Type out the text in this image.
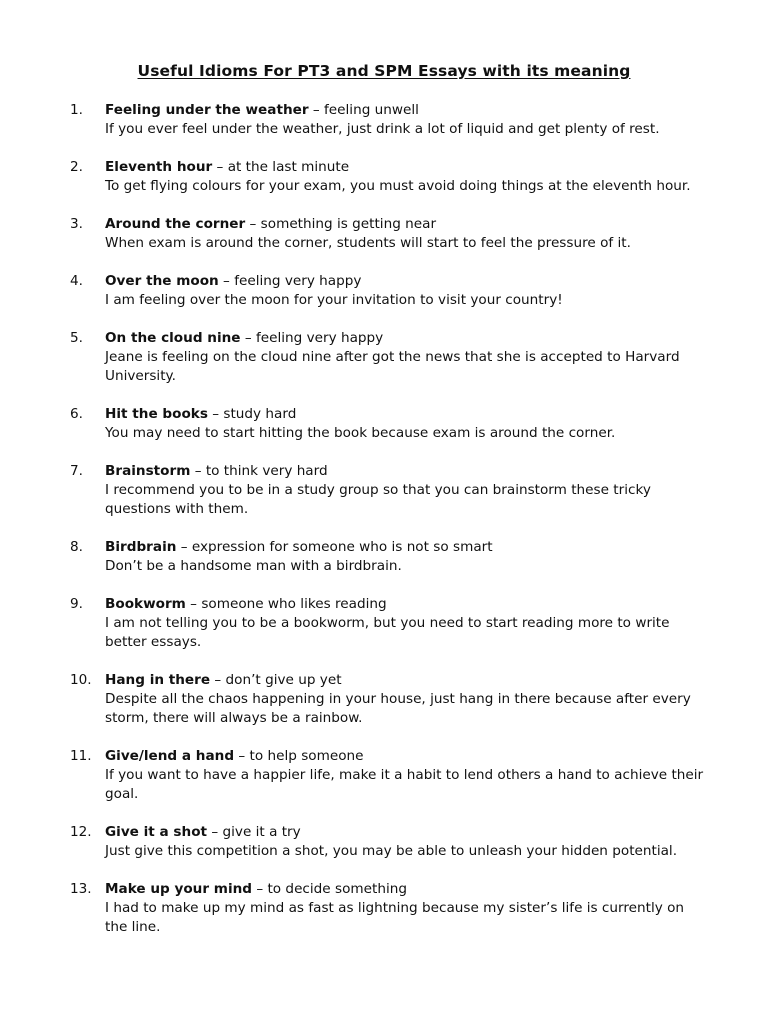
Useful Idioms For PT3 and SPM Essays with its meaning
1.	Feeling under the weather – feeling unwell
If you ever feel under the weather, just drink a lot of liquid and get plenty of rest.
2.	Eleventh hour – at the last minute
To get flying colours for your exam, you must avoid doing things at the eleventh hour.
3.	Around the corner – something is getting near
When exam is around the corner, students will start to feel the pressure of it.
4.	Over the moon – feeling very happy
I am feeling over the moon for your invitation to visit your country!
5.	On the cloud nine – feeling very happy
Jeane is feeling on the cloud nine after got the news that she is accepted to Harvard University.
6.	Hit the books – study hard
You may need to start hitting the book because exam is around the corner.
7.	Brainstorm – to think very hard
I recommend you to be in a study group so that you can brainstorm these tricky questions with them.
8.	Birdbrain – expression for someone who is not so smart
Don’t be a handsome man with a birdbrain.
9.	Bookworm – someone who likes reading
I am not telling you to be a bookworm, but you need to start reading more to write better essays.
10. Hang in there – don’t give up yet
Despite all the chaos happening in your house, just hang in there because after every storm, there will always be a rainbow.
11. Give/lend a hand – to help someone
If you want to have a happier life, make it a habit to lend others a hand to achieve their goal.
12. Give it a shot – give it a try
Just give this competition a shot, you may be able to unleash your hidden potential.
13. Make up your mind – to decide something
I had to make up my mind as fast as lightning because my sister’s life is currently on the line.
